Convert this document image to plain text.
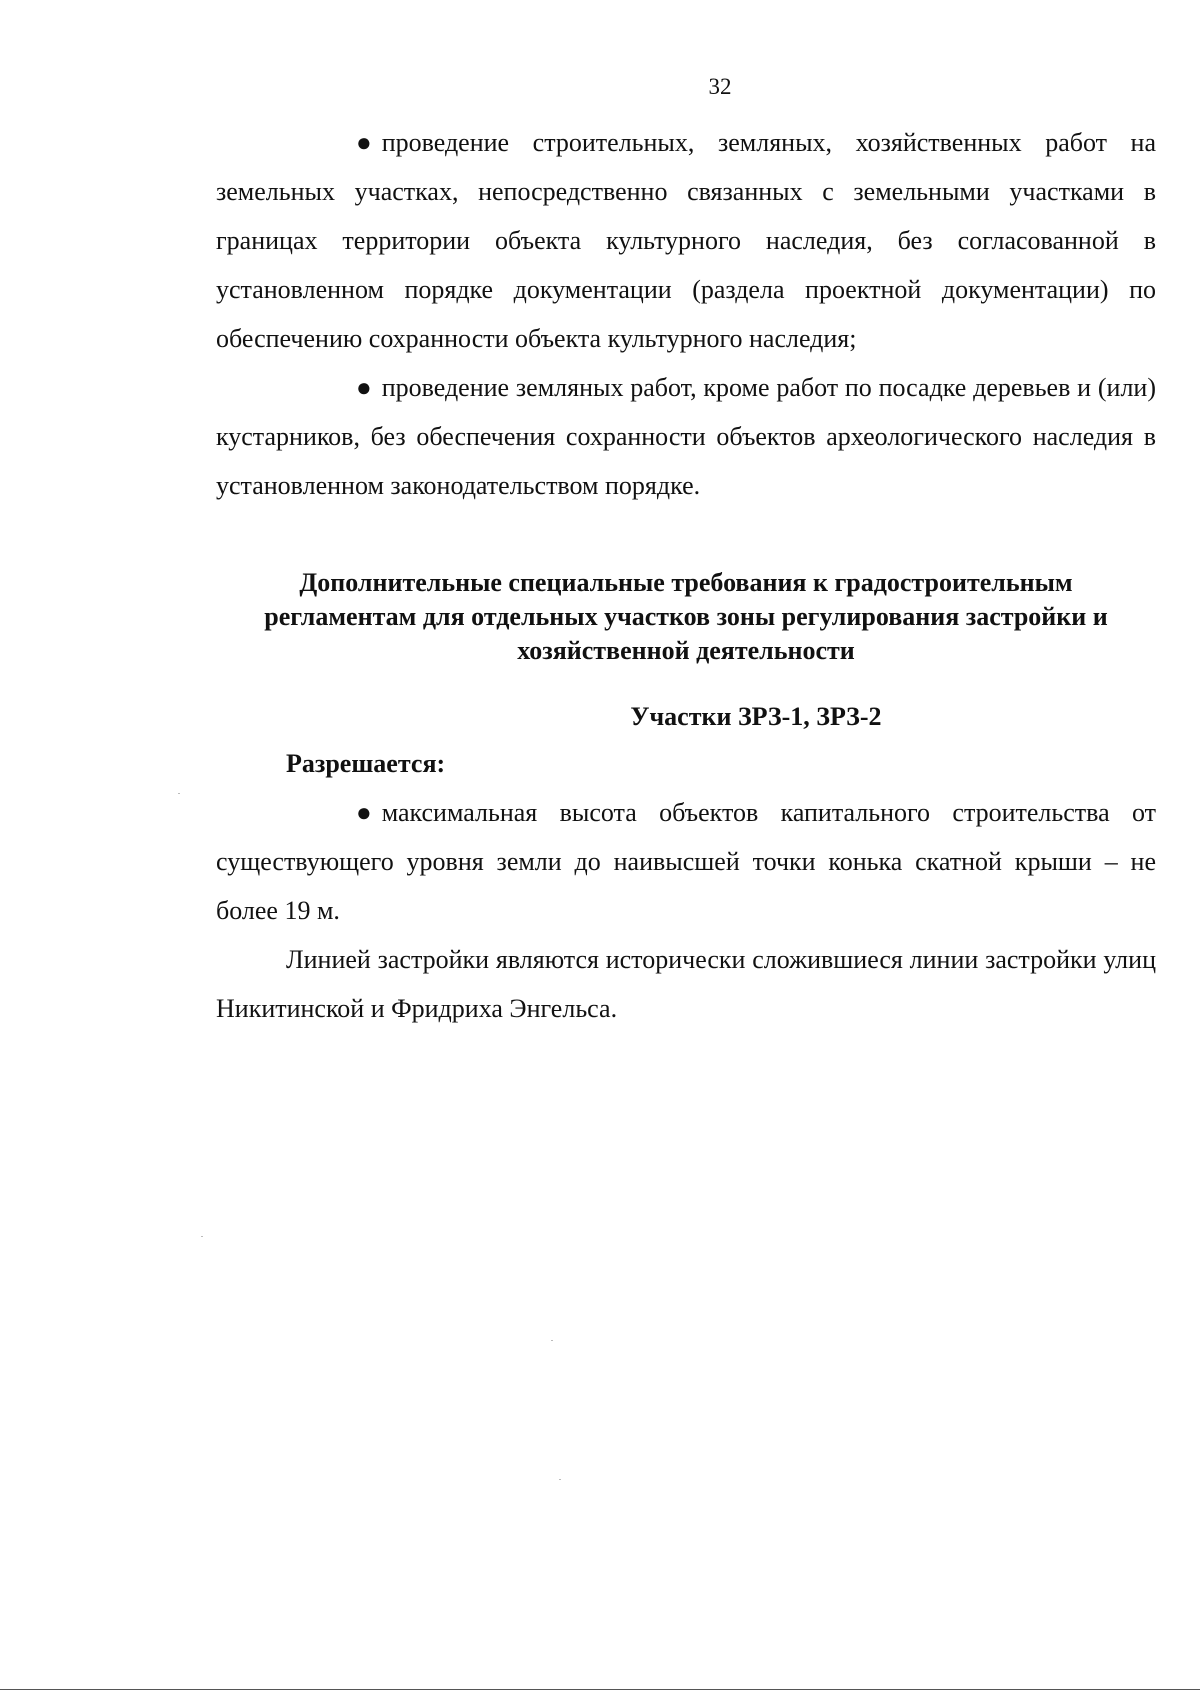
32

● проведение строительных, земляных, хозяйственных работ на земельных участках, непосредственно связанных с земельными участками в границах территории объекта культурного наследия, без согласованной в установленном порядке документации (раздела проектной документации) по обеспечению сохранности объекта культурного наследия;

● проведение земляных работ, кроме работ по посадке деревьев и (или) кустарников, без обеспечения сохранности объектов археологического наследия в установленном законодательством порядке.

Дополнительные специальные требования к градостроительным
регламентам для отдельных участков зоны регулирования застройки и
хозяйственной деятельности
Участки ЗРЗ-1, ЗРЗ-2

Разрешается:

● максимальная высота объектов капитального строительства от существующего уровня земли до наивысшей точки конька скатной крыши – не более 19 м.

Линией застройки являются исторически сложившиеся линии застройки улиц Никитинской и Фридриха Энгельса.
